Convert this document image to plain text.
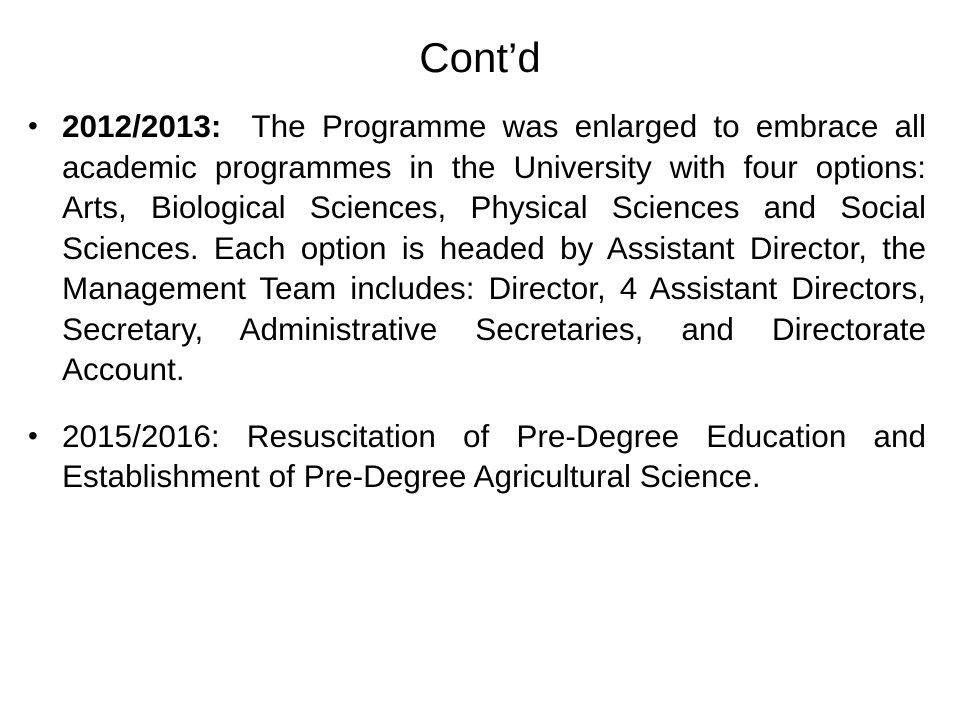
Cont’d
• 2012/2013: The Programme was enlarged to embrace all academic programmes in the University with four options: Arts, Biological Sciences, Physical Sciences and Social Sciences. Each option is headed by Assistant Director, the Management Team includes: Director, 4 Assistant Directors, Secretary, Administrative Secretaries, and Directorate Account.
• 2015/2016: Resuscitation of Pre-Degree Education and Establishment of Pre-Degree Agricultural Science.
